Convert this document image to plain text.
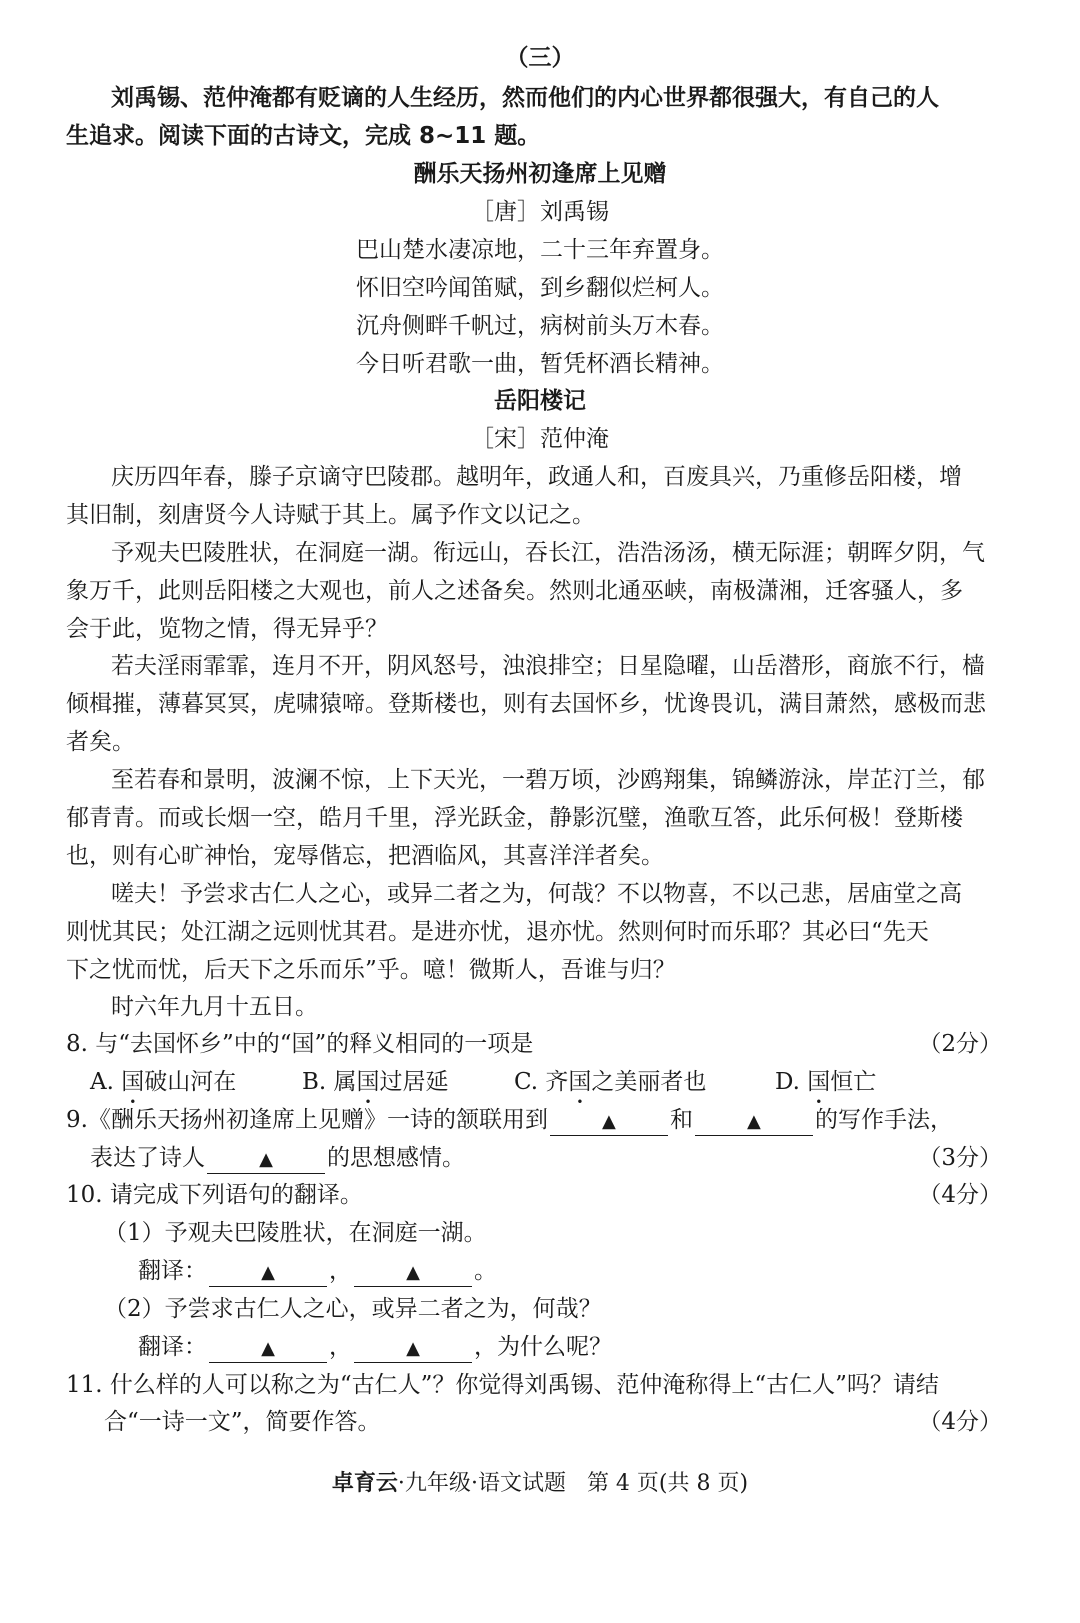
（三）
刘禹锡、范仲淹都有贬谪的人生经历，然而他们的内心世界都很强大，有自己的人
生追求。阅读下面的古诗文，完成 8~11 题。
酬乐天扬州初逢席上见赠
［唐］刘禹锡
巴山楚水凄凉地，二十三年弃置身。
怀旧空吟闻笛赋，到乡翻似烂柯人。
沉舟侧畔千帆过，病树前头万木春。
今日听君歌一曲，暂凭杯酒长精神。
岳阳楼记
［宋］范仲淹
庆历四年春，滕子京谪守巴陵郡。越明年，政通人和，百废具兴，乃重修岳阳楼，增
其旧制，刻唐贤今人诗赋于其上。属予作文以记之。
予观夫巴陵胜状，在洞庭一湖。衔远山，吞长江，浩浩汤汤，横无际涯；朝晖夕阴，气
象万千，此则岳阳楼之大观也，前人之述备矣。然则北通巫峡，南极潇湘，迁客骚人，多
会于此，览物之情，得无异乎？
若夫淫雨霏霏，连月不开，阴风怒号，浊浪排空；日星隐曜，山岳潜形，商旅不行，樯
倾楫摧，薄暮冥冥，虎啸猿啼。登斯楼也，则有去国怀乡，忧谗畏讥，满目萧然，感极而悲
者矣。
至若春和景明，波澜不惊，上下天光，一碧万顷，沙鸥翔集，锦鳞游泳，岸芷汀兰，郁
郁青青。而或长烟一空，皓月千里，浮光跃金，静影沉璧，渔歌互答，此乐何极！登斯楼
也，则有心旷神怡，宠辱偕忘，把酒临风，其喜洋洋者矣。
嗟夫！予尝求古仁人之心，或异二者之为，何哉？不以物喜，不以己悲，居庙堂之高
则忧其民；处江湖之远则忧其君。是进亦忧，退亦忧。然则何时而乐耶？其必曰“先天
下之忧而忧，后天下之乐而乐”乎。噫！微斯人，吾谁与归？
时六年九月十五日。
8. 与“去国怀乡”中的“国”的释义相同的一项是	（2分）
A. 国破山河在	B. 属国过居延	C. 齐国之美丽者也	D. 国恒亡
9.《酬乐天扬州初逢席上见赠》一诗的颔联用到	▲ 和	▲ 的写作手法，
表达了诗人	▲ 的思想感情。	（3分）
10. 请完成下列语句的翻译。	（4分）
（1）予观夫巴陵胜状，在洞庭一湖。
翻译：	▲ ，	▲ 。
（2）予尝求古仁人之心，或异二者之为，何哉？
翻译：	▲ ，	▲ ，为什么呢？
11. 什么样的人可以称之为“古仁人”？你觉得刘禹锡、范仲淹称得上“古仁人”吗？请结
合“一诗一文”，简要作答。	（4分）
卓育云·九年级·语文试题 第 4 页(共 8 页)
